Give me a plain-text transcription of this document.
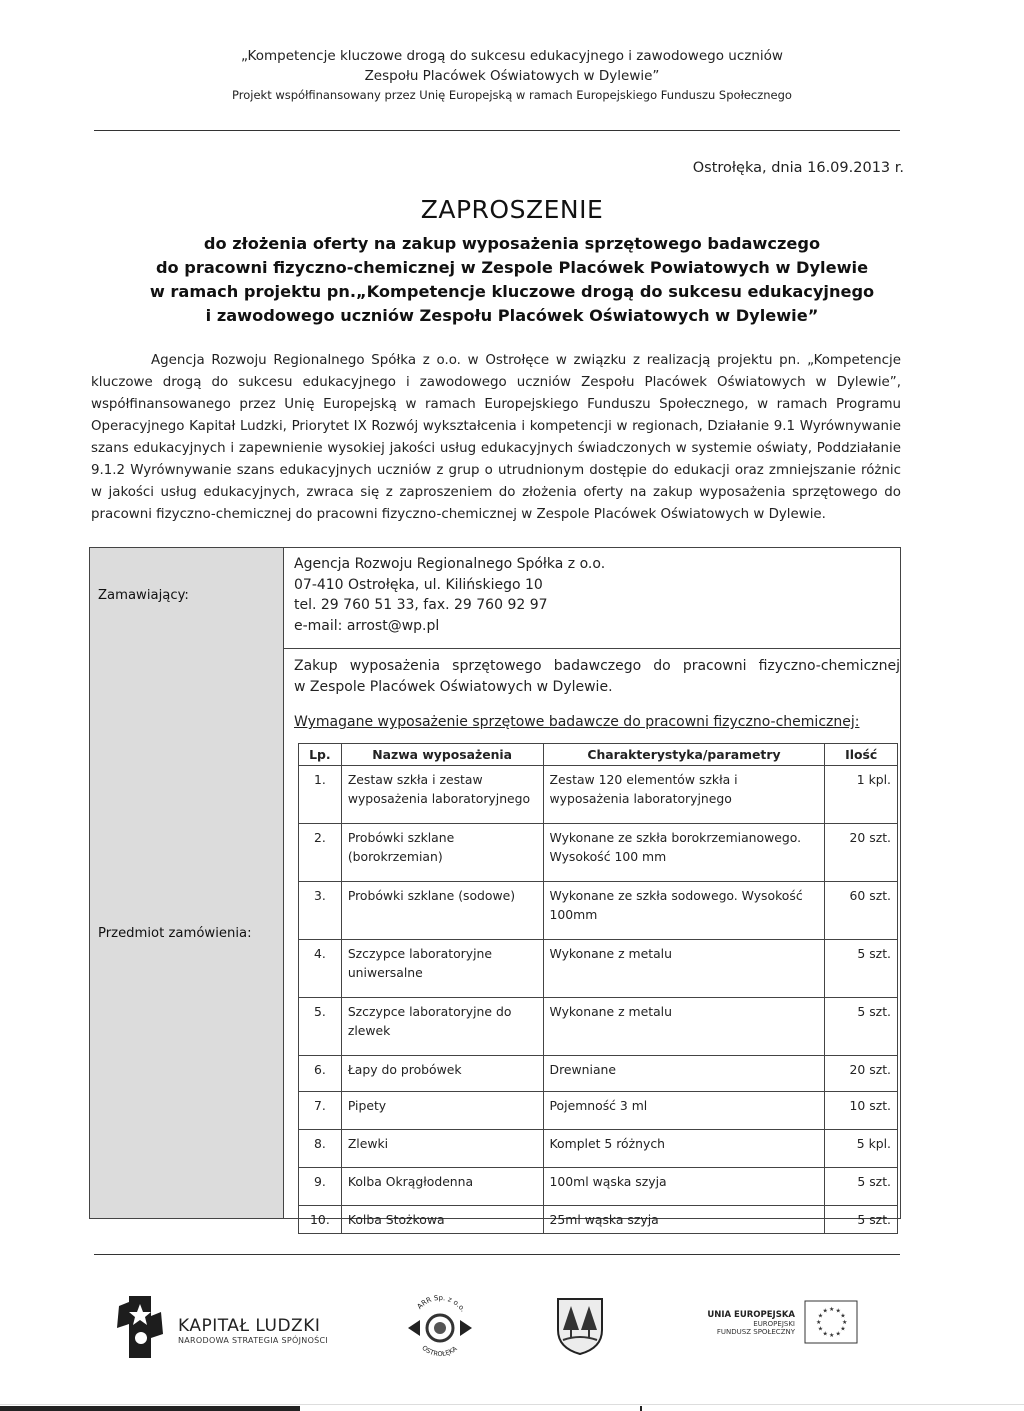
„Kompetencje kluczowe drogą do sukcesu edukacyjnego i zawodowego uczniów
Zespołu Placówek Oświatowych w Dylewie”
Projekt współfinansowany przez Unię Europejską w ramach Europejskiego Funduszu Społecznego
Ostrołęka, dnia 16.09.2013 r.
ZAPROSZENIE
do złożenia oferty na zakup wyposażenia sprzętowego badawczego
do pracowni fizyczno-chemicznej w Zespole Placówek Powiatowych w Dylewie
w ramach projektu pn.„Kompetencje kluczowe drogą do sukcesu edukacyjnego
i zawodowego uczniów Zespołu Placówek Oświatowych w Dylewie”

Agencja Rozwoju Regionalnego Spółka z o.o. w Ostrołęce w związku z realizacją projektu pn. „Kompetencje kluczowe drogą do sukcesu edukacyjnego i zawodowego uczniów Zespołu Placówek Oświatowych w Dylewie”, współfinansowanego przez Unię Europejską w ramach Europejskiego Funduszu Społecznego, w ramach Programu Operacyjnego Kapitał Ludzki, Priorytet IX Rozwój wykształcenia i kompetencji w regionach, Działanie 9.1 Wyrównywanie szans edukacyjnych i zapewnienie wysokiej jakości usług edukacyjnych świadczonych w systemie oświaty, Poddziałanie 9.1.2 Wyrównywanie szans edukacyjnych uczniów z grup o utrudnionym dostępie do edukacji oraz zmniejszanie różnic w jakości usług edukacyjnych, zwraca się z zaproszeniem do złożenia oferty na zakup wyposażenia sprzętowego do pracowni fizyczno-chemicznej do pracowni fizyczno-chemicznej w Zespole Placówek Oświatowych w Dylewie.

Zamawiający:
Agencja Rozwoju Regionalnego Spółka z o.o.
07-410 Ostrołęka, ul. Kilińskiego 10
tel. 29 760 51 33, fax. 29 760 92 97
e-mail: arrost@wp.pl
Przedmiot zamówienia:
Zakup wyposażenia sprzętowego badawczego do pracowni fizyczno-chemicznej
w Zespole Placówek Oświatowych w Dylewie.
Wymagane wyposażenie sprzętowe badawcze do pracowni fizyczno-chemicznej:
Lp.	Nazwa wyposażenia	Charakterystyka/parametry	Ilość
1.	Zestaw szkła i zestaw wyposażenia laboratoryjnego	Zestaw 120 elementów szkła i wyposażenia laboratoryjnego	1 kpl.
2.	Probówki szklane (borokrzemian)	Wykonane ze szkła borokrzemianowego. Wysokość 100 mm	20 szt.
3.	Probówki szklane (sodowe)	Wykonane ze szkła sodowego. Wysokość 100mm	60 szt.
4.	Szczypce laboratoryjne uniwersalne	Wykonane z metalu	5 szt.
5.	Szczypce laboratoryjne do zlewek	Wykonane z metalu	5 szt.
6.	Łapy do probówek	Drewniane	20 szt.
7.	Pipety	Pojemność 3 ml	10 szt.
8.	Zlewki	Komplet 5 różnych	5 kpl.
9.	Kolba Okrągłodenna	100ml wąska szyja	5 szt.
10.	Kolba Stożkowa	25ml wąska szyja	5 szt.
KAPITAŁ LUDZKI
NARODOWA STRATEGIA SPÓJNOŚCI
ARR Sp. z o.o.
OSTROŁĘKA
UNIA EUROPEJSKA
EUROPEJSKI
FUNDUSZ SPOŁECZNY
★
★
★
★
★
★
★
★
★ ★ ★
★
